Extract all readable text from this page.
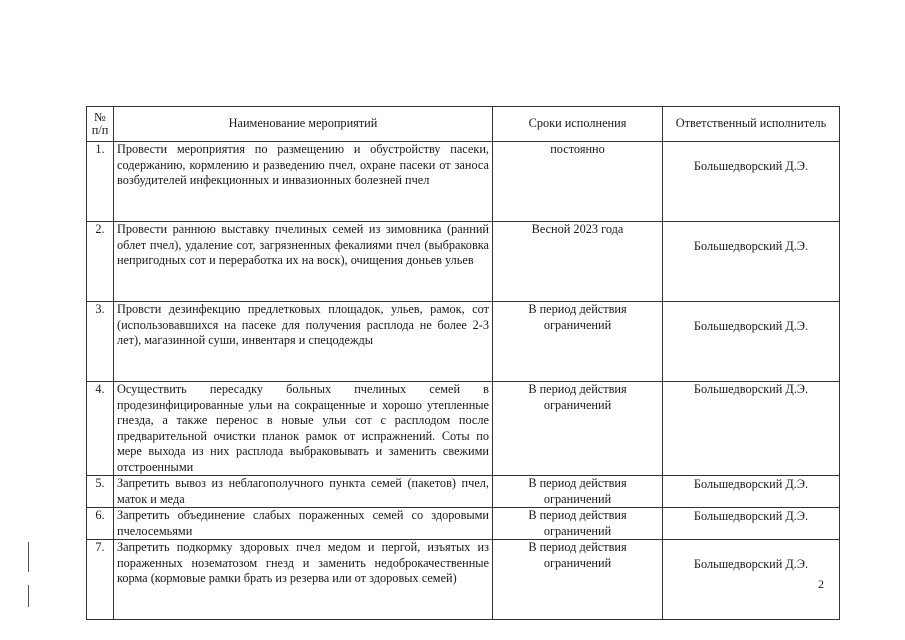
№ п/п	Наименование мероприятий	Сроки исполнения	Ответственный исполнитель
1.	Провести мероприятия по размещению и обустройству пасеки, содержанию, кормлению и разведению пчел, охране пасеки от заноса возбудителей инфекционных и инвазионных болезней пчел	постоянно	Большедворский Д.Э.
2.	Провести раннюю выставку пчелиных семей из зимовника (ранний облет пчел), удаление сот, загрязненных фекалиями пчел (выбраковка непригодных сот и переработка их на воск), очищения доньев ульев	Весной 2023 года	Большедворский Д.Э.
3.	Провсти дезинфекцию предлетковых площадок, ульев, рамок, сот (использовавшихся на пасеке для получения расплода не более 2-3 лет), магазинной суши, инвентаря и спецодежды	В период действия ограничений	Большедворский Д.Э.
4.	Осуществить пересадку больных пчелиных семей в продезинфицированные ульи на сокращенные и хорошо утепленные гнезда, а также перенос в новые ульи сот с расплодом после предварительной очистки планок рамок от испражнений. Соты по мере выхода из них расплода выбраковывать и заменить свежими отстроенными	В период действия ограничений	Большедворский Д.Э.
5.	Запретить вывоз из неблагополучного пункта семей (пакетов) пчел, маток и меда	В период действия ограничений	Большедворский Д.Э.
6.	Запретить объединение слабых пораженных семей со здоровыми пчелосемьями	В период действия ограничений	Большедворский Д.Э.
7.	Запретить подкормку здоровых пчел медом и пергой, изъятых из пораженных нозематозом гнезд и заменить недоброкачественные корма (кормовые рамки брать из резерва или от здоровых семей)	В период действия ограничений	Большедворский Д.Э.
2
